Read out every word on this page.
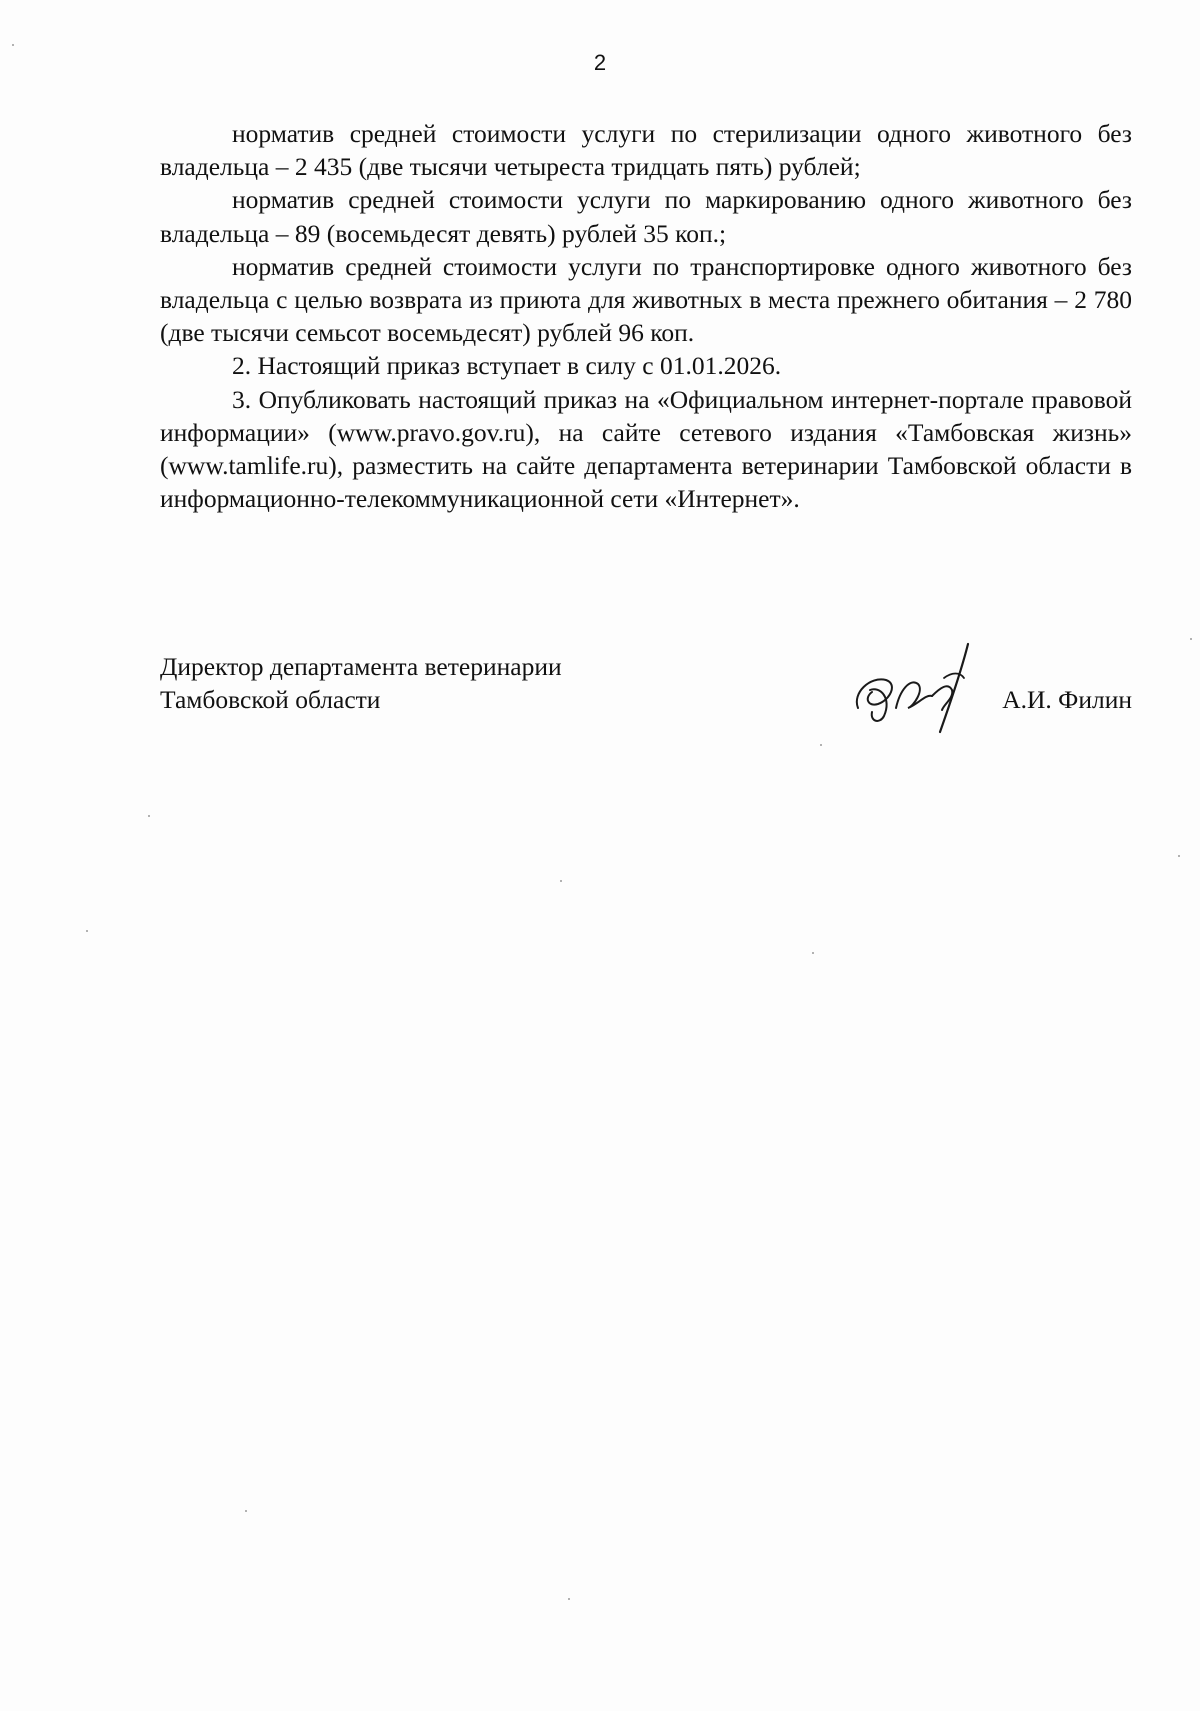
2

норматив средней стоимости услуги по стерилизации одного животного без владельца – 2 435 (две тысячи четыреста тридцать пять) рублей;

норматив средней стоимости услуги по маркированию одного животного без владельца – 89 (восемьдесят девять) рублей 35 коп.;

норматив средней стоимости услуги по транспортировке одного животного без владельца с целью возврата из приюта для животных в места прежнего обитания – 2 780 (две тысячи семьсот восемьдесят) рублей 96 коп.

2. Настоящий приказ вступает в силу с 01.01.2026.

3. Опубликовать настоящий приказ на «Официальном интернет-портале правовой информации» (www.pravo.gov.ru), на сайте сетевого издания «Тамбовская жизнь» (www.tamlife.ru), разместить на сайте департамента ветеринарии Тамбовской области в информационно-телекоммуникационной сети «Интернет».

Директор департамента ветеринарии
Тамбовской области	А.И. Филин
